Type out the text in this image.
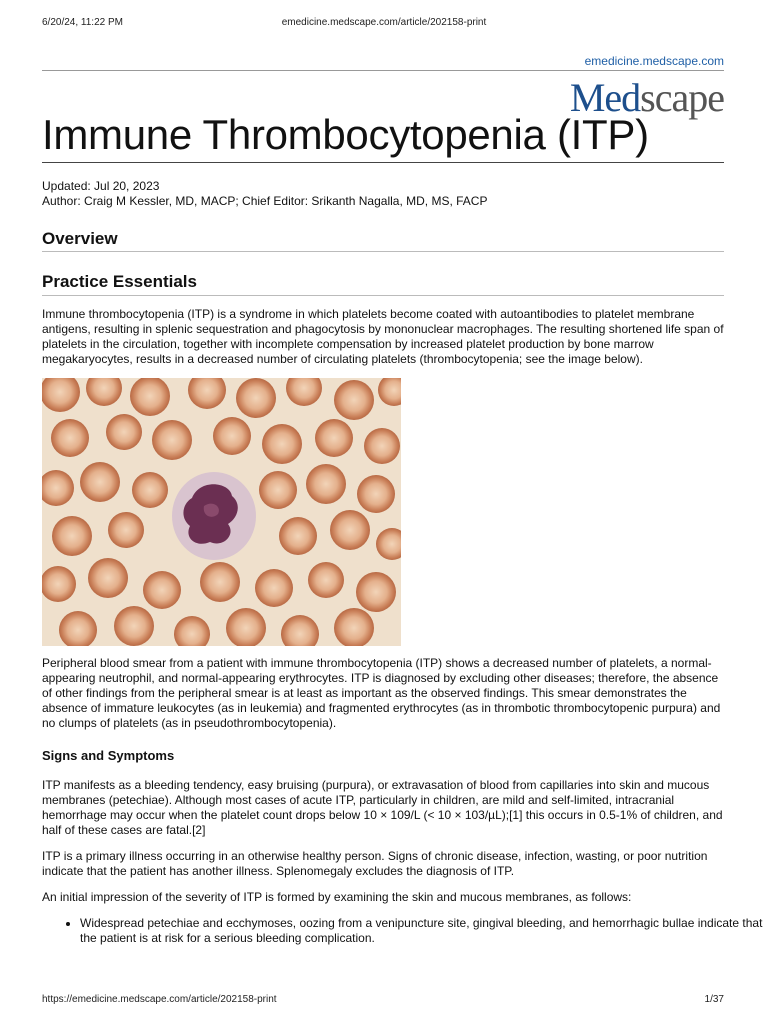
6/20/24, 11:22 PM	emedicine.medscape.com/article/202158-print
emedicine.medscape.com
Medscape
Immune Thrombocytopenia (ITP)
Updated: Jul 20, 2023
Author: Craig M Kessler, MD, MACP; Chief Editor: Srikanth Nagalla, MD, MS, FACP
Overview
Practice Essentials

Immune thrombocytopenia (ITP) is a syndrome in which platelets become coated with autoantibodies to platelet membrane antigens, resulting in splenic sequestration and phagocytosis by mononuclear macrophages. The resulting shortened life span of platelets in the circulation, together with incomplete compensation by increased platelet production by bone marrow megakaryocytes, results in a decreased number of circulating platelets (thrombocytopenia; see the image below).

Peripheral blood smear from a patient with immune thrombocytopenia (ITP) shows a decreased number of platelets, a normal-appearing neutrophil, and normal-appearing erythrocytes. ITP is diagnosed by excluding other diseases; therefore, the absence of other findings from the peripheral smear is at least as important as the observed findings. This smear demonstrates the absence of immature leukocytes (as in leukemia) and fragmented erythrocytes (as in thrombotic thrombocytopenic purpura) and no clumps of platelets (as in pseudothrombocytopenia).

Signs and Symptoms

ITP manifests as a bleeding tendency, easy bruising (purpura), or extravasation of blood from capillaries into skin and mucous membranes (petechiae). Although most cases of acute ITP, particularly in children, are mild and self-limited, intracranial hemorrhage may occur when the platelet count drops below 10 × 109/L (< 10 × 103/µL);[1] this occurs in 0.5-1% of children, and half of these cases are fatal.[2]

ITP is a primary illness occurring in an otherwise healthy person. Signs of chronic disease, infection, wasting, or poor nutrition indicate that the patient has another illness. Splenomegaly excludes the diagnosis of ITP.

An initial impression of the severity of ITP is formed by examining the skin and mucous membranes, as follows:

• Widespread petechiae and ecchymoses, oozing from a venipuncture site, gingival bleeding, and hemorrhagic bullae indicate that the patient is at risk for a serious bleeding complication.
https://emedicine.medscape.com/article/202158-print	1/37
